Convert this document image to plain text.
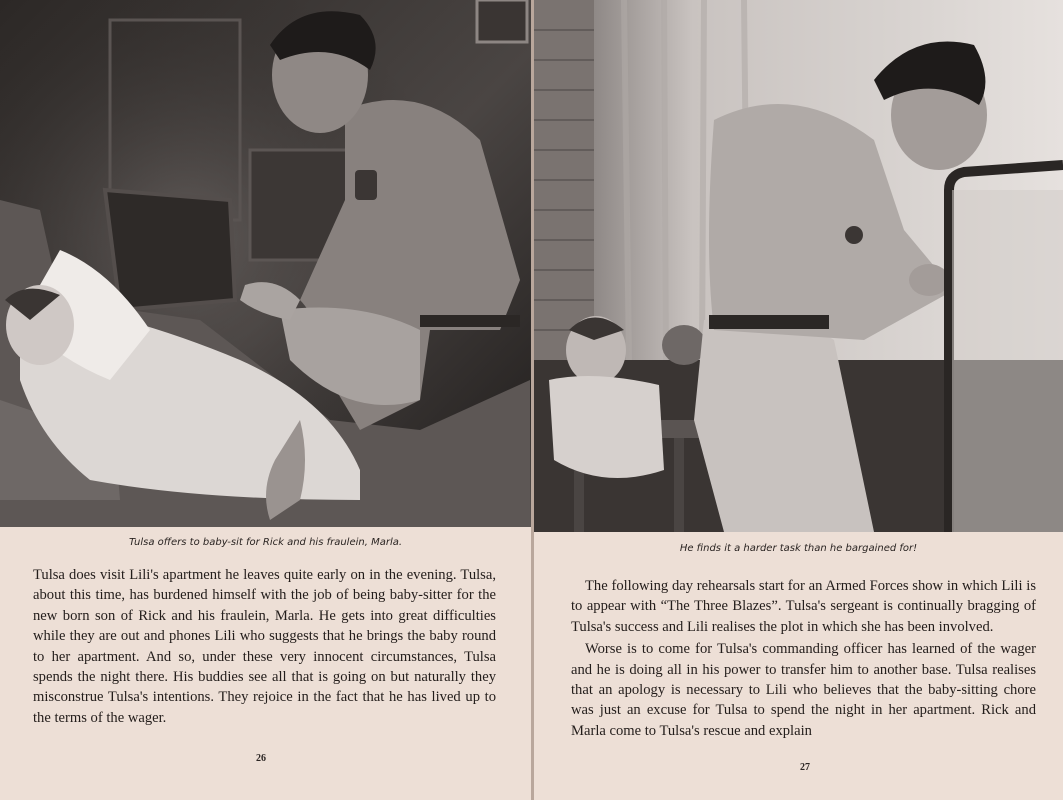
Tulsa offers to baby-sit for Rick and his fraulein, Marla.

Tulsa does visit Lili's apartment he leaves quite early on in the evening. Tulsa, about this time, has burdened himself with the job of being baby-sitter for the new born son of Rick and his fraulein, Marla. He gets into great difficulties while they are out and phones Lili who suggests that he brings the baby round to her apartment. And so, under these very innocent circumstances, Tulsa spends the night there. His buddies see all that is going on but naturally they misconstrue Tulsa's intentions. They rejoice in the fact that he has lived up to the terms of the wager.

26
He finds it a harder task than he bargained for!

The following day rehearsals start for an Armed Forces show in which Lili is to appear with “The Three Blazes”. Tulsa's sergeant is continually bragging of Tulsa's success and Lili realises the plot in which she has been involved.

Worse is to come for Tulsa's commanding officer has learned of the wager and he is doing all in his power to transfer him to another base. Tulsa realises that an apology is necessary to Lili who believes that the baby-sitting chore was just an excuse for Tulsa to spend the night in her apartment. Rick and Marla come to Tulsa's rescue and explain

27
